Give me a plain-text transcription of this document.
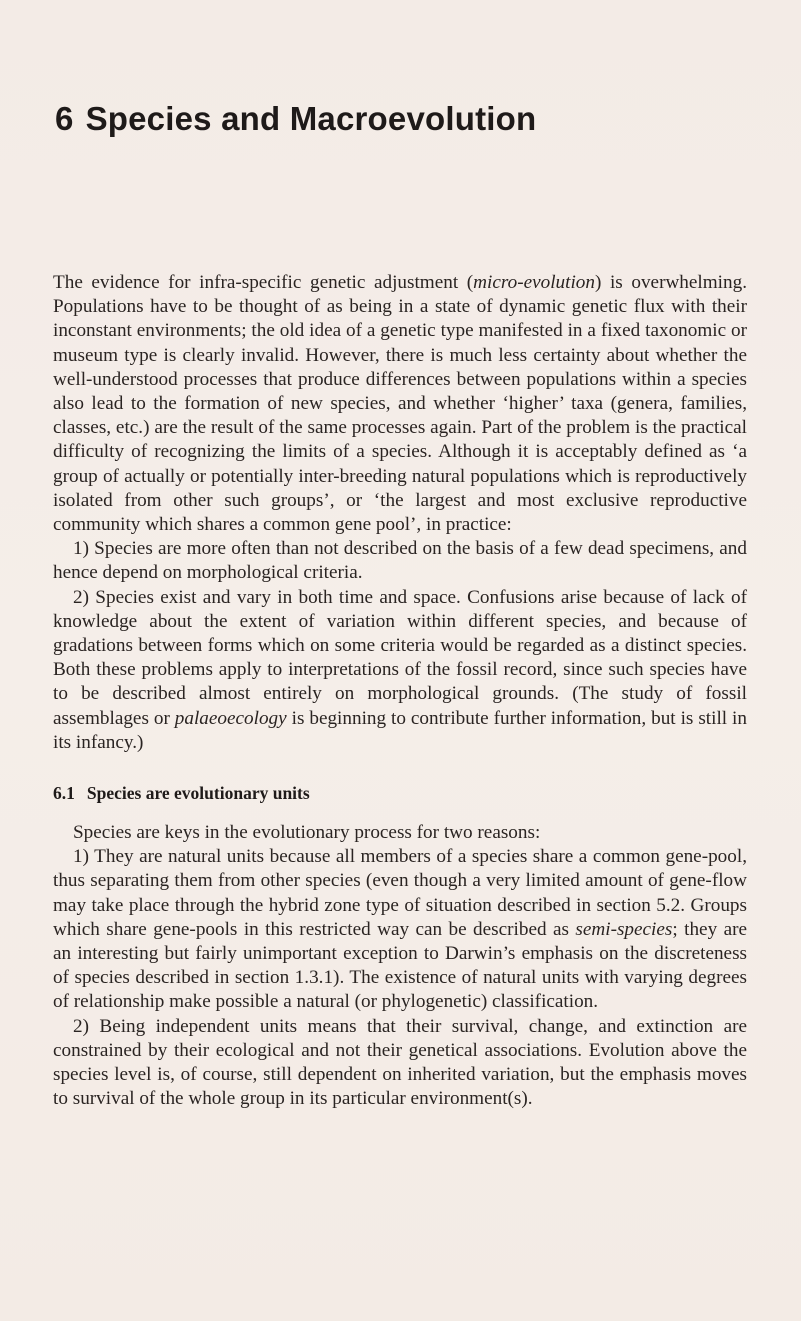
6 Species and Macroevolution

The evidence for infra-specific genetic adjustment (micro-evolution) is overwhelming. Populations have to be thought of as being in a state of dynamic genetic flux with their inconstant environments; the old idea of a genetic type manifested in a fixed taxonomic or museum type is clearly invalid. However, there is much less certainty about whether the well-understood processes that produce differences between populations within a species also lead to the formation of new species, and whether ‘higher’ taxa (genera, families, classes, etc.) are the result of the same processes again. Part of the problem is the practical difficulty of recognizing the limits of a species. Although it is acceptably defined as ‘a group of actually or potentially inter-breeding natural populations which is reproductively isolated from other such groups’, or ‘the largest and most exclusive reproductive community which shares a common gene pool’, in practice:

1) Species are more often than not described on the basis of a few dead specimens, and hence depend on morphological criteria.

2) Species exist and vary in both time and space. Confusions arise because of lack of knowledge about the extent of variation within different species, and because of gradations between forms which on some criteria would be regarded as a distinct species. Both these problems apply to interpretations of the fossil record, since such species have to be described almost entirely on morphological grounds. (The study of fossil assemblages or palaeoecology is beginning to contribute further information, but is still in its infancy.)

6.1 Species are evolutionary units

Species are keys in the evolutionary process for two reasons:

1) They are natural units because all members of a species share a common gene-pool, thus separating them from other species (even though a very limited amount of gene-flow may take place through the hybrid zone type of situation described in section 5.2. Groups which share gene-pools in this restricted way can be described as semi-species; they are an interesting but fairly unimportant exception to Darwin’s emphasis on the discreteness of species described in section 1.3.1). The existence of natural units with varying degrees of relationship make possible a natural (or phylogenetic) classification.

2) Being independent units means that their survival, change, and extinction are constrained by their ecological and not their genetical associations. Evolution above the species level is, of course, still dependent on inherited variation, but the emphasis moves to survival of the whole group in its particular environment(s).
